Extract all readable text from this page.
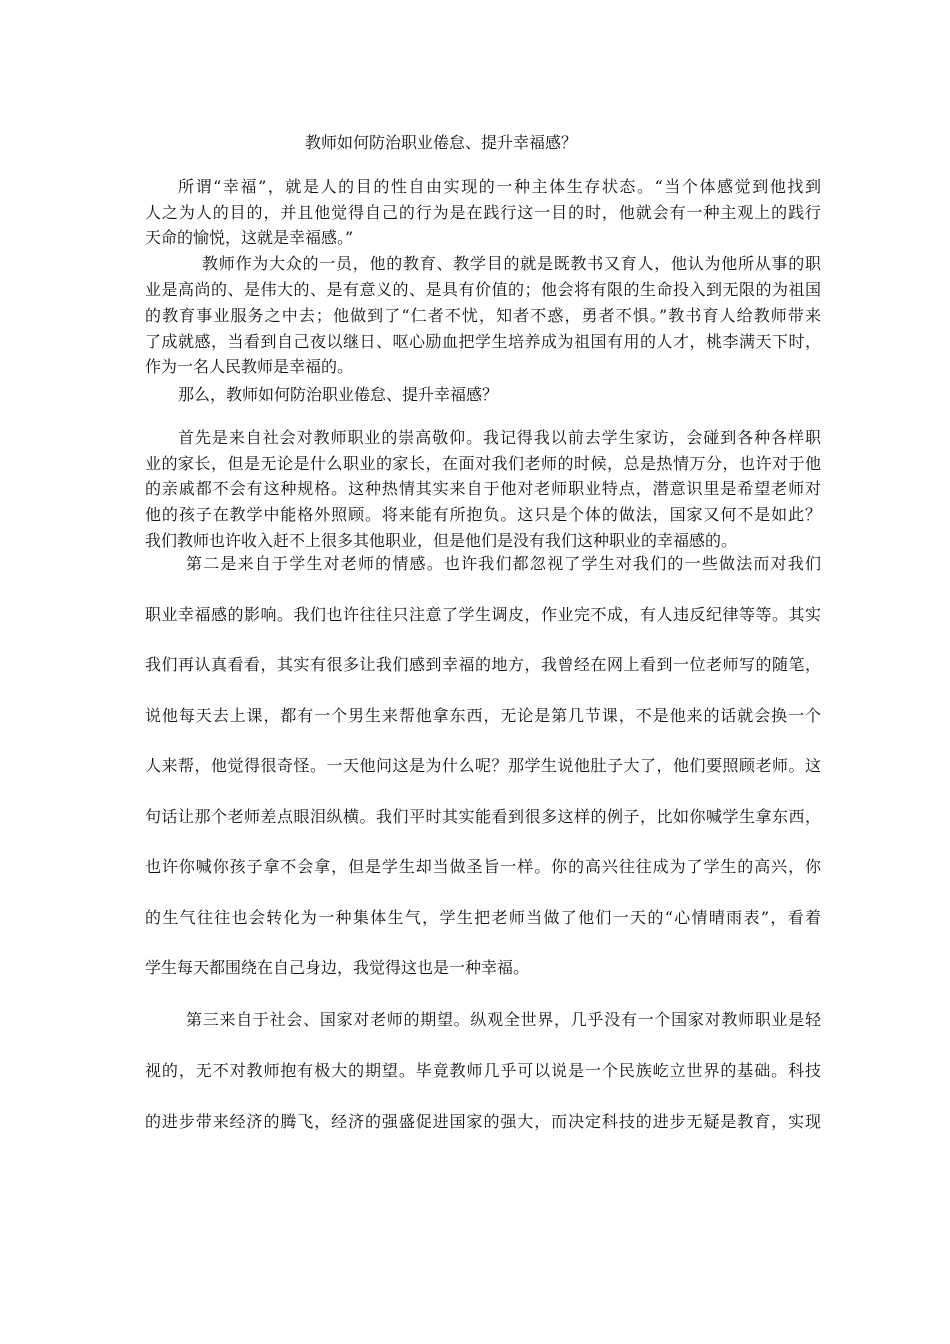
教师如何防治职业倦怠、提升幸福感？
所谓“幸福”，就是人的目的性自由实现的一种主体生存状态。“当个体感觉到他找到
人之为人的目的，并且他觉得自己的行为是在践行这一目的时，他就会有一种主观上的践行
天命的愉悦，这就是幸福感。”
教师作为大众的一员，他的教育、教学目的就是既教书又育人，他认为他所从事的职
业是高尚的、是伟大的、是有意义的、是具有价值的；他会将有限的生命投入到无限的为祖国
的教育事业服务之中去；他做到了“仁者不忧，知者不惑，勇者不惧。”教书育人给教师带来
了成就感，当看到自己夜以继日、呕心励血把学生培养成为祖国有用的人才，桃李满天下时，
作为一名人民教师是幸福的。
那么，教师如何防治职业倦怠、提升幸福感？
首先是来自社会对教师职业的崇高敬仰。我记得我以前去学生家访，会碰到各种各样职
业的家长，但是无论是什么职业的家长，在面对我们老师的时候，总是热情万分，也许对于他
的亲戚都不会有这种规格。这种热情其实来自于他对老师职业特点，潜意识里是希望老师对
他的孩子在教学中能格外照顾。将来能有所抱负。这只是个体的做法，国家又何不是如此？
我们教师也许收入赶不上很多其他职业，但是他们是没有我们这种职业的幸福感的。
第二是来自于学生对老师的情感。也许我们都忽视了学生对我们的一些做法而对我们
职业幸福感的影响。我们也许往往只注意了学生调皮，作业完不成，有人违反纪律等等。其实
我们再认真看看，其实有很多让我们感到幸福的地方，我曾经在网上看到一位老师写的随笔，
说他每天去上课，都有一个男生来帮他拿东西，无论是第几节课，不是他来的话就会换一个
人来帮，他觉得很奇怪。一天他问这是为什么呢？那学生说他肚子大了，他们要照顾老师。这
句话让那个老师差点眼泪纵横。我们平时其实能看到很多这样的例子，比如你喊学生拿东西，
也许你喊你孩子拿不会拿，但是学生却当做圣旨一样。你的高兴往往成为了学生的高兴，你
的生气往往也会转化为一种集体生气，学生把老师当做了他们一天的“心情晴雨表”，看着
学生每天都围绕在自己身边，我觉得这也是一种幸福。
第三来自于社会、国家对老师的期望。纵观全世界，几乎没有一个国家对教师职业是轻
视的，无不对教师抱有极大的期望。毕竟教师几乎可以说是一个民族屹立世界的基础。科技
的进步带来经济的腾飞，经济的强盛促进国家的强大，而决定科技的进步无疑是教育，实现
